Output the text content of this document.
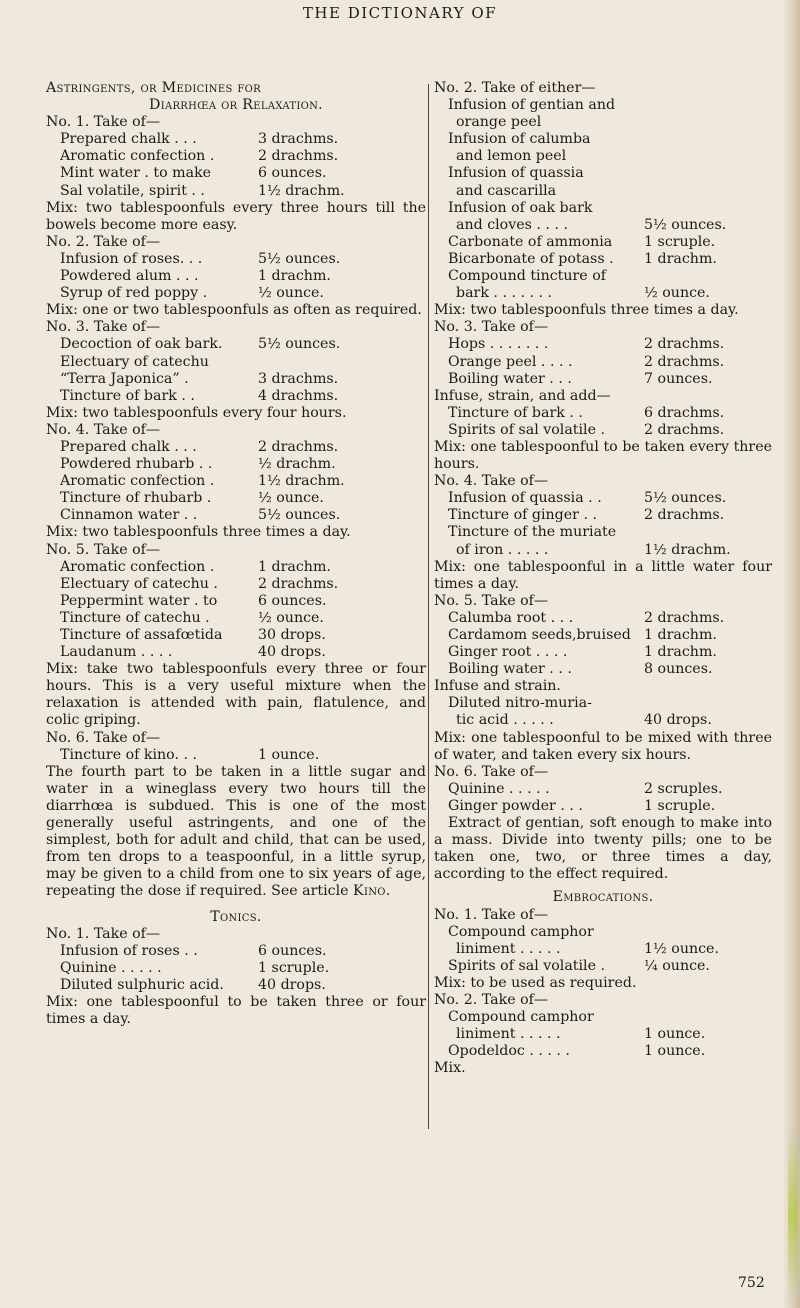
THE DICTIONARY OF
Astringents, or Medicines for
Diarrhœa or Relaxation.
No. 1. Take of—
Prepared chalk . . .	3 drachms.
Aromatic confection .	2 drachms.
Mint water . to make	6 ounces.
Sal volatile, spirit . .	1½ drachm.
Mix: two tablespoonfuls every three hours till the bowels become more easy.
No. 2. Take of—
Infusion of roses. . .	5½ ounces.
Powdered alum . . .	1 drachm.
Syrup of red poppy .	½ ounce.
Mix: one or two tablespoonfuls as often as required.
No. 3. Take of—
Decoction of oak bark.	5½ ounces.
Electuary of catechu
“Terra Japonica” .	3 drachms.
Tincture of bark . .	4 drachms.
Mix: two tablespoonfuls every four hours.
No. 4. Take of—
Prepared chalk . . .	2 drachms.
Powdered rhubarb . .	½ drachm.
Aromatic confection .	1½ drachm.
Tincture of rhubarb .	½ ounce.
Cinnamon water . .	5½ ounces.
Mix: two tablespoonfuls three times a day.
No. 5. Take of—
Aromatic confection .	1 drachm.
Electuary of catechu .	2 drachms.
Peppermint water . to	6 ounces.
Tincture of catechu .	½ ounce.
Tincture of assafœtida	30 drops.
Laudanum . . . .	40 drops.
Mix: take two tablespoonfuls every three or four hours. This is a very useful mixture when the relaxation is attended with pain, flatulence, and colic griping.
No. 6. Take of—
Tincture of kino. . .	1 ounce.
The fourth part to be taken in a little sugar and water in a wineglass every two hours till the diarrhœa is subdued. This is one of the most generally useful astringents, and one of the simplest, both for adult and child, that can be used, from ten drops to a teaspoonful, in a little syrup, may be given to a child from one to six years of age, repeating the dose if required. See article Kino.
Tonics.
No. 1. Take of—
Infusion of roses . .	6 ounces.
Quinine . . . . .	1 scruple.
Diluted sulphuric acid.	40 drops.
Mix: one tablespoonful to be taken three or four times a day.
No. 2. Take of either—
Infusion of gentian and
orange peel
Infusion of calumba
and lemon peel
Infusion of quassia
and cascarilla
Infusion of oak bark
and cloves . . . .	5½ ounces.
Carbonate of ammonia	1 scruple.
Bicarbonate of potass .	1 drachm.
Compound tincture of
bark . . . . . . .	½ ounce.
Mix: two tablespoonfuls three times a day.
No. 3. Take of—
Hops . . . . . . .	2 drachms.
Orange peel . . . .	2 drachms.
Boiling water . . .	7 ounces.
Infuse, strain, and add—
Tincture of bark . .	6 drachms.
Spirits of sal volatile .	2 drachms.
Mix: one tablespoonful to be taken every three hours.
No. 4. Take of—
Infusion of quassia . .	5½ ounces.
Tincture of ginger . .	2 drachms.
Tincture of the muriate
of iron . . . . .	1½ drachm.
Mix: one tablespoonful in a little water four times a day.
No. 5. Take of—
Calumba root . . .	2 drachms.
Cardamom seeds,bruised 1 drachm.
Ginger root . . . .	1 drachm.
Boiling water . . .	8 ounces.
Infuse and strain.
Diluted nitro-muria-
tic acid . . . . .	40 drops.
Mix: one tablespoonful to be mixed with three of water, and taken every six hours.
No. 6. Take of—
Quinine . . . . .	2 scruples.
Ginger powder . . .	1 scruple.
Extract of gentian, soft enough to make into a mass. Divide into twenty pills; one to be taken one, two, or three times a day, according to the effect required.
Embrocations.
No. 1. Take of—
Compound camphor
liniment . . . . .	1½ ounce.
Spirits of sal volatile .	¼ ounce.
Mix: to be used as required.
No. 2. Take of—
Compound camphor
liniment . . . . .	1 ounce.
Opodeldoc . . . . .	1 ounce.
Mix.
752
